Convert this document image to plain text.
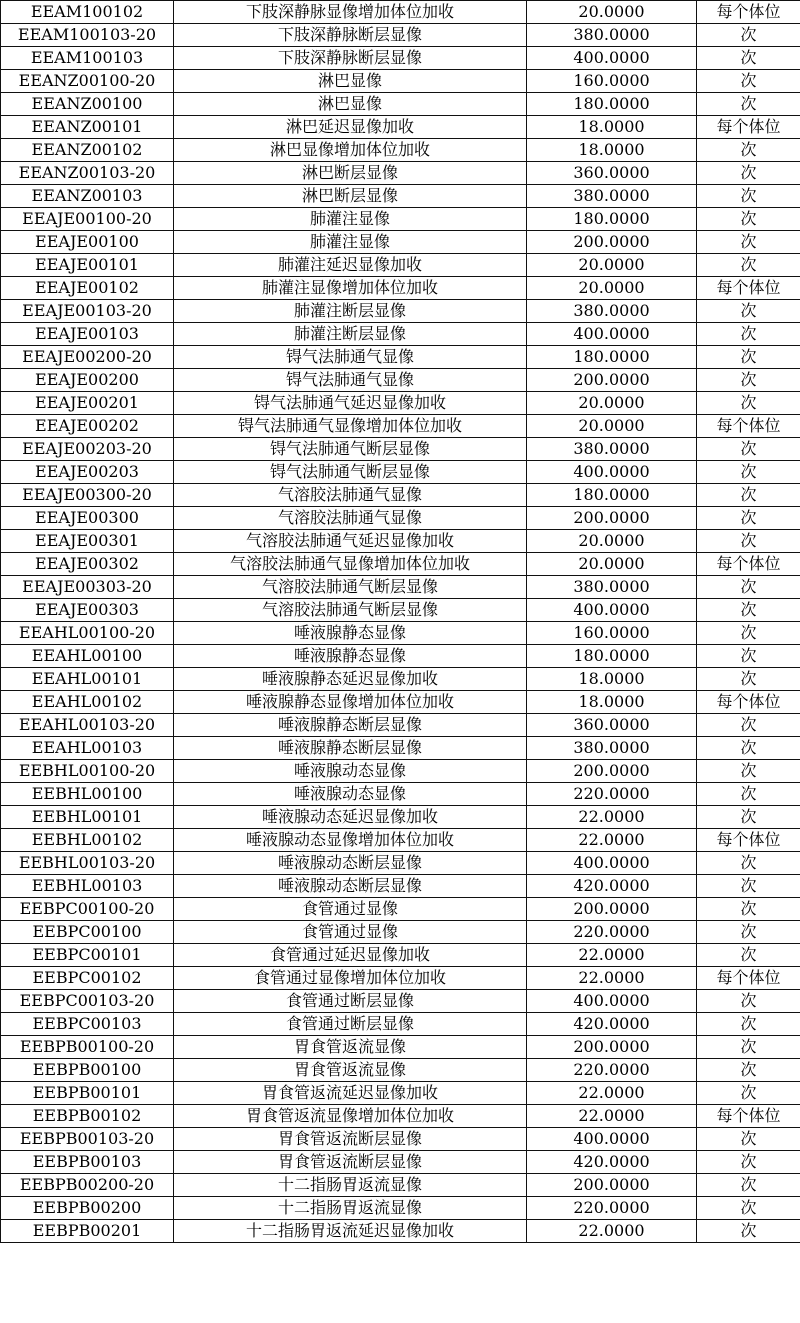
EEAM100102	下肢深静脉显像增加体位加收	20.0000	每个体位
EEAM100103-20	下肢深静脉断层显像	380.0000	次
EEAM100103	下肢深静脉断层显像	400.0000	次
EEANZ00100-20	淋巴显像	160.0000	次
EEANZ00100	淋巴显像	180.0000	次
EEANZ00101	淋巴延迟显像加收	18.0000	每个体位
EEANZ00102	淋巴显像增加体位加收	18.0000	次
EEANZ00103-20	淋巴断层显像	360.0000	次
EEANZ00103	淋巴断层显像	380.0000	次
EEAJE00100-20	肺灌注显像	180.0000	次
EEAJE00100	肺灌注显像	200.0000	次
EEAJE00101	肺灌注延迟显像加收	20.0000	次
EEAJE00102	肺灌注显像增加体位加收	20.0000	每个体位
EEAJE00103-20	肺灌注断层显像	380.0000	次
EEAJE00103	肺灌注断层显像	400.0000	次
EEAJE00200-20	锝气法肺通气显像	180.0000	次
EEAJE00200	锝气法肺通气显像	200.0000	次
EEAJE00201	锝气法肺通气延迟显像加收	20.0000	次
EEAJE00202	锝气法肺通气显像增加体位加收	20.0000	每个体位
EEAJE00203-20	锝气法肺通气断层显像	380.0000	次
EEAJE00203	锝气法肺通气断层显像	400.0000	次
EEAJE00300-20	气溶胶法肺通气显像	180.0000	次
EEAJE00300	气溶胶法肺通气显像	200.0000	次
EEAJE00301	气溶胶法肺通气延迟显像加收	20.0000	次
EEAJE00302	气溶胶法肺通气显像增加体位加收	20.0000	每个体位
EEAJE00303-20	气溶胶法肺通气断层显像	380.0000	次
EEAJE00303	气溶胶法肺通气断层显像	400.0000	次
EEAHL00100-20	唾液腺静态显像	160.0000	次
EEAHL00100	唾液腺静态显像	180.0000	次
EEAHL00101	唾液腺静态延迟显像加收	18.0000	次
EEAHL00102	唾液腺静态显像增加体位加收	18.0000	每个体位
EEAHL00103-20	唾液腺静态断层显像	360.0000	次
EEAHL00103	唾液腺静态断层显像	380.0000	次
EEBHL00100-20	唾液腺动态显像	200.0000	次
EEBHL00100	唾液腺动态显像	220.0000	次
EEBHL00101	唾液腺动态延迟显像加收	22.0000	次
EEBHL00102	唾液腺动态显像增加体位加收	22.0000	每个体位
EEBHL00103-20	唾液腺动态断层显像	400.0000	次
EEBHL00103	唾液腺动态断层显像	420.0000	次
EEBPC00100-20	食管通过显像	200.0000	次
EEBPC00100	食管通过显像	220.0000	次
EEBPC00101	食管通过延迟显像加收	22.0000	次
EEBPC00102	食管通过显像增加体位加收	22.0000	每个体位
EEBPC00103-20	食管通过断层显像	400.0000	次
EEBPC00103	食管通过断层显像	420.0000	次
EEBPB00100-20	胃食管返流显像	200.0000	次
EEBPB00100	胃食管返流显像	220.0000	次
EEBPB00101	胃食管返流延迟显像加收	22.0000	次
EEBPB00102	胃食管返流显像增加体位加收	22.0000	每个体位
EEBPB00103-20	胃食管返流断层显像	400.0000	次
EEBPB00103	胃食管返流断层显像	420.0000	次
EEBPB00200-20	十二指肠胃返流显像	200.0000	次
EEBPB00200	十二指肠胃返流显像	220.0000	次
EEBPB00201	十二指肠胃返流延迟显像加收	22.0000	次
